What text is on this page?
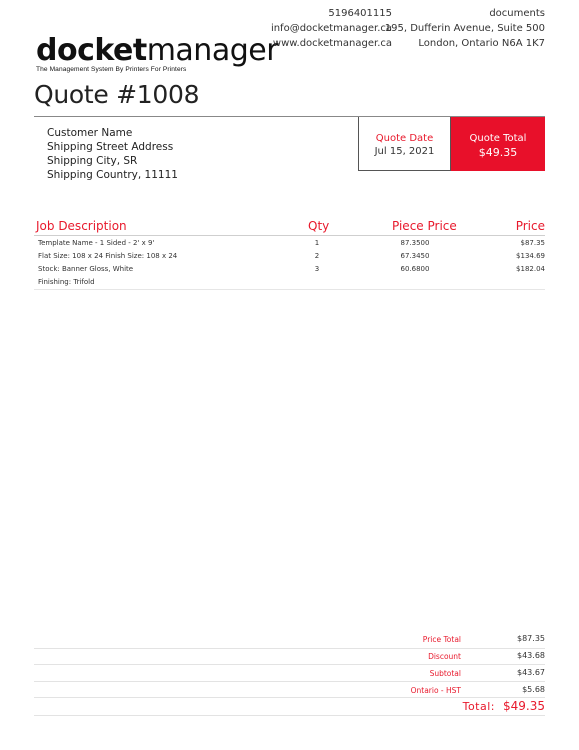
docketmanager
The Management System By Printers For Printers
5196401115
info@docketmanager.ca
www.docketmanager.ca
documents
195, Dufferin Avenue, Suite 500
London, Ontario N6A 1K7
Quote #1008
Customer Name
Shipping Street Address
Shipping City, SR
Shipping Country, 11111
Quote Date
Jul 15, 2021
Quote Total
$49.35
Job Description	Qty	Piece Price	Price
Template Name - 1 Sided - 2' x 9'	1	87.3500	$87.35
Flat Size: 108 x 24 Finish Size: 108 x 24	2	67.3450	$134.69
Stock: Banner Gloss, White	3	60.6800	$182.04
Finishing: Trifold
Price Total	$87.35
Discount	$43.68
Subtotal	$43.67
Ontario - HST	$5.68
Total: $49.35
